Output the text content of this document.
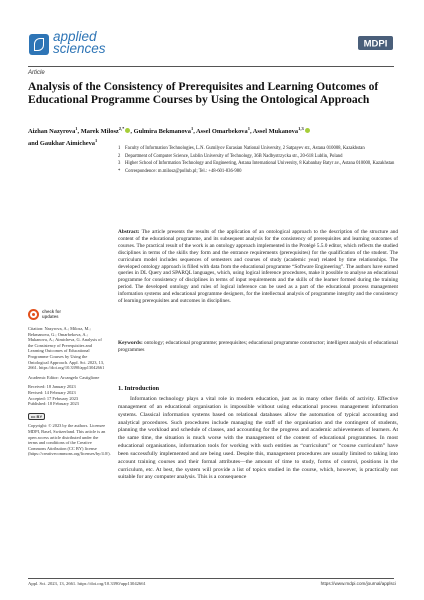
applied
sciences	MDPI
Article
Analysis of the Consistency of Prerequisites and Learning Outcomes of Educational Programme Courses by Using the Ontological Approach
Aizhan Nazyrova$^1$, Marek Milosz$^{2,*}$ , Gulmira Bekmanova$^1$, Assel Omarbekova$^1$, Assel Mukanova$^{1,3}$
and Gaukhar Aimicheva$^1$
1 Faculty of Information Technologies, L.N. Gumilyov Eurasian National University, 2 Satpayev str., Astana 010008, Kazakhstan
2 Department of Computer Science, Lublin University of Technology, 36B Nadbystrzycka str., 20-618 Lublin, Poland
3 Higher School of Information Technology and Engineering, Astana International University, 8 Kabanbay Batyr av., Astana 010000, Kazakhstan
* Correspondence: m.milosz@pollub.pl; Tel.: +48-601-836-980
check for
updates
Citation: Nazyrova, A.; Milosz, M.; Bekmanova, G.; Omarbekova, A.; Mukanova, A.; Aimicheva, G. Analysis of the Consistency of Prerequisites and Learning Outcomes of Educational Programme Courses by Using the Ontological Approach. Appl. Sci. 2023, 13, 2661. https://doi.org/10.3390/app13042661
Academic Editor: Arcangelo Castiglione
Received: 18 January 2023
Revised: 14 February 2023
Accepted: 17 February 2023
Published: 18 February 2023
cc BY
Copyright: © 2023 by the authors. Licensee MDPI, Basel, Switzerland. This article is an open access article distributed under the terms and conditions of the Creative Commons Attribution (CC BY) license (https://creativecommons.org/licenses/by/4.0/).
Abstract: The article presents the results of the application of an ontological approach to the description of the structure and content of the educational programme, and its subsequent analysis for the consistency of prerequisites and learning outcomes of courses. The practical result of the work is an ontology approach implemented in the Protégé 5.5.0 editor, which reflects the studied disciplines in terms of the skills they form and the entrance requirements (prerequisites) for the qualification of the student. The curriculum model includes sequences of semesters and courses of study (academic year) related by time relationships. The developed ontology approach is filled with data from the educational programme “Software Engineering”. The authors have earned queries in DL Query and SPARQL languages, which, using logical inference procedures, make it possible to analyse an educational programme for consistency of disciplines in terms of input requirements and the skills of the learner formed during the training period. The developed ontology and rules of logical inference can be used as a part of the educational process management information systems and educational programme designers, for the intellectual analysis of programme integrity and the consistency of learning prerequisites and outcomes in disciplines.
Keywords: ontology; educational programme; prerequisites; educational programme constructor; intelligent analysis of educational programmes
1. Introduction

Information technology plays a vital role in modern education, just as in many other fields of activity. Effective management of an educational organisation is impossible without using educational process management information systems. Classical information systems based on relational databases allow the automation of typical accounting and analytical procedures. Such procedures include managing the staff of the organisation and the contingent of students, planning the workload and schedule of classes, and accounting for the progress and academic achievements of learners. At the same time, the situation is much worse with the management of the content of educational programmes. In most educational organisations, information tools for working with such entities as “curriculum” or “course curriculum” have been successfully implemented and are being used. Despite this, management procedures are usually limited to taking into account training courses and their formal attributes—the amount of time to study, forms of control, positions in the curriculum, etc. At best, the system will provide a list of topics studied in the course, which, however, is practically not suitable for any computer analysis. This is a consequence

Appl. Sci. 2023, 13, 2661. https://doi.org/10.3390/app13042661	https://www.mdpi.com/journal/applsci
